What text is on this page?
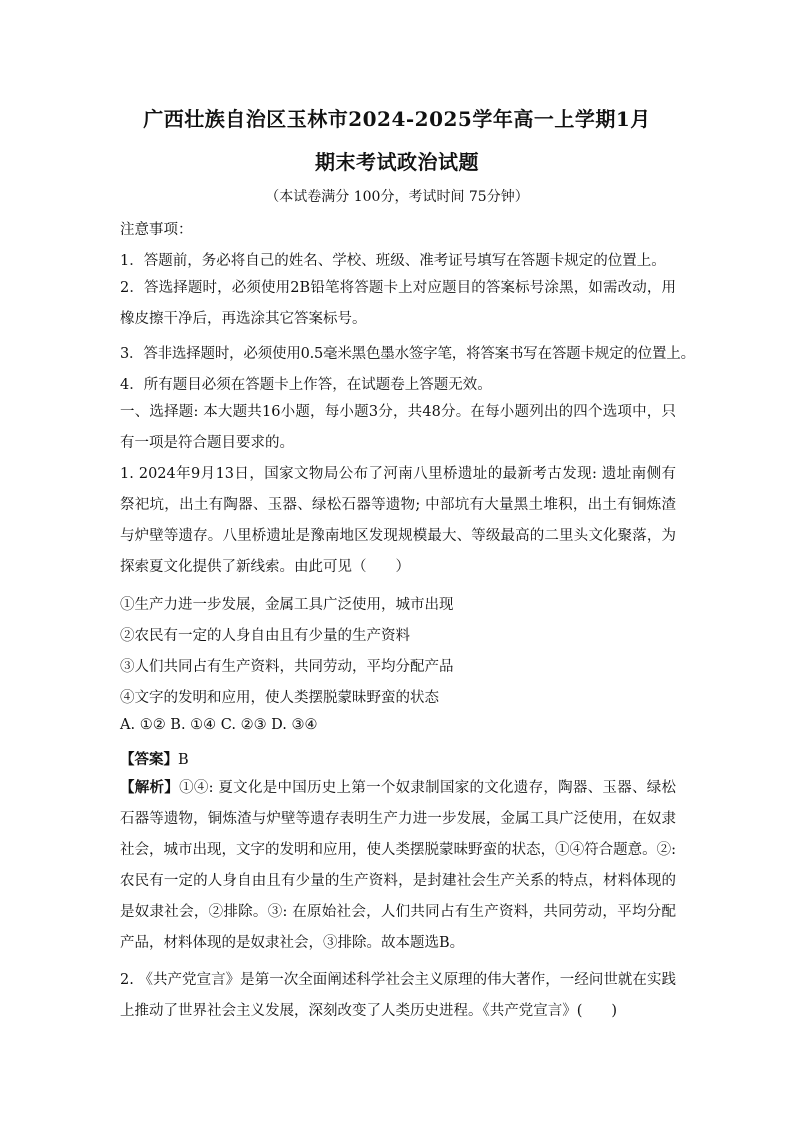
广西壮族自治区玉林市2024-2025学年高一上学期1月
期末考试政治试题
（本试卷满分 100分，考试时间 75分钟）
注意事项：
1．答题前，务必将自己的姓名、学校、班级、准考证号填写在答题卡规定的位置上。
2．答选择题时，必须使用2B铅笔将答题卡上对应题目的答案标号涂黑，如需改动，用橡皮擦干净后，再选涂其它答案标号。
3．答非选择题时，必须使用0.5毫米黑色墨水签字笔，将答案书写在答题卡规定的位置上。
4．所有题目必须在答题卡上作答，在试题卷上答题无效。
一、选择题: 本大题共16小题，每小题3分，共48分。在每小题列出的四个选项中，只有一项是符合题目要求的。
1. 2024年9月13日，国家文物局公布了河南八里桥遗址的最新考古发现: 遗址南侧有祭祀坑，出土有陶器、玉器、绿松石器等遗物; 中部坑有大量黑土堆积，出土有铜炼渣与炉壁等遗存。八里桥遗址是豫南地区发现规模最大、等级最高的二里头文化聚落，为探索夏文化提供了新线索。由此可见（　　）
①生产力进一步发展，金属工具广泛使用，城市出现
②农民有一定的人身自由且有少量的生产资料
③人们共同占有生产资料，共同劳动，平均分配产品
④文字的发明和应用，使人类摆脱蒙昧野蛮的状态
A. ①② B. ①④ C. ②③ D. ③④
【答案】B
【解析】①④: 夏文化是中国历史上第一个奴隶制国家的文化遗存，陶器、玉器、绿松石器等遗物，铜炼渣与炉壁等遗存表明生产力进一步发展，金属工具广泛使用，在奴隶社会，城市出现，文字的发明和应用，使人类摆脱蒙昧野蛮的状态，①④符合题意。②: 农民有一定的人身自由且有少量的生产资料，是封建社会生产关系的特点，材料体现的是奴隶社会，②排除。③: 在原始社会，人们共同占有生产资料，共同劳动，平均分配产品，材料体现的是奴隶社会，③排除。故本题选B。
2. 《共产党宣言》是第一次全面阐述科学社会主义原理的伟大著作，一经问世就在实践上推动了世界社会主义发展，深刻改变了人类历史进程。《共产党宣言》(　　)
